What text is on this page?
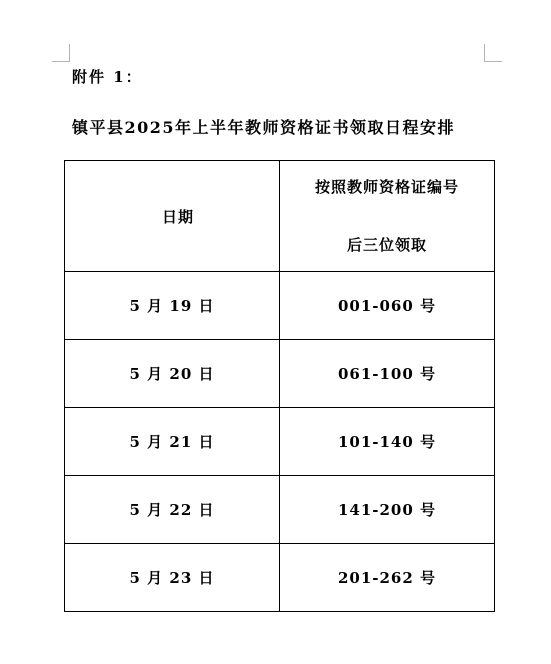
附件 1：
镇平县2025年上半年教师资格证书领取日程安排
日期	按照教师资格证编号
后三位领取

5 月 19 日	001-060 号
5 月 20 日	061-100 号
5 月 21 日	101-140 号
5 月 22 日	141-200 号
5 月 23 日	201-262 号
